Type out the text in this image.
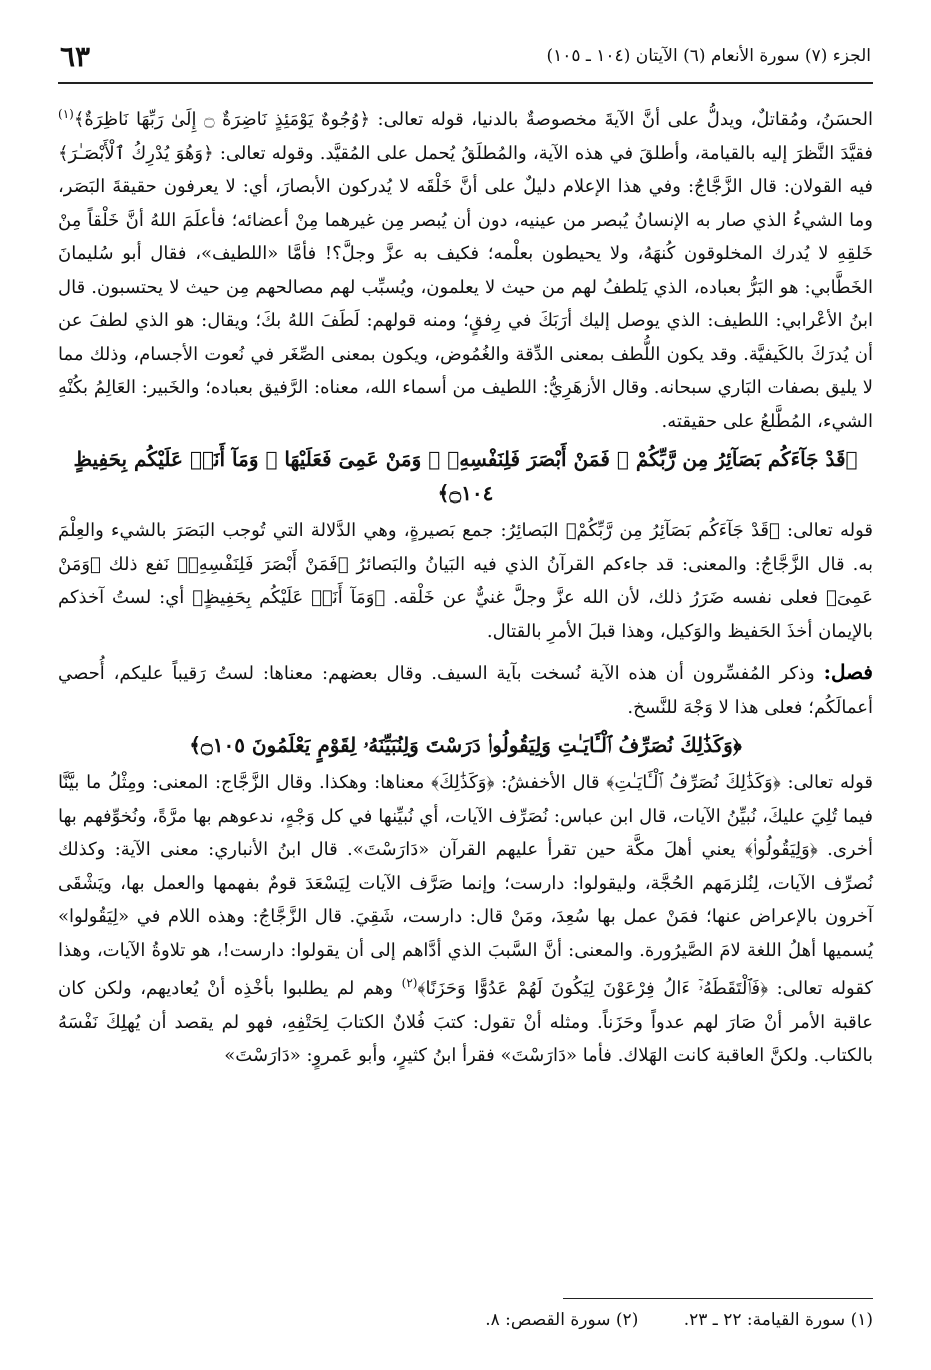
٦٣	الجزء (٧) سورة الأنعام (٦) الآيتان (١٠٤ ـ ١٠٥)

الحسَنُ، ومُقاتلٌ، ويدلُّ على أنَّ الآيةَ مخصوصةٌ بالدنيا، قوله تعالى: ﴿وُجُوهٌ يَوْمَئِذٍ نَاضِرَةٌ ۝ إِلَىٰ رَبِّهَا نَاظِرَةٌ﴾$^{(١)}$ فقيَّدَ النَّظرَ إليه بالقيامة، وأطلقَ في هذه الآية، والمُطلَقُ يُحمل على المُقيَّد. وقوله تعالى: ﴿وَهُوَ يُدْرِكُ ٱلْأَبْصَـٰرَ﴾ فيه القولان: قال الزَّجَّاجُ: وفي هذا الإعلام دليلٌ على أنَّ خَلْقَه لا يُدركون الأبصارَ، أي: لا يعرفون حقيقةَ البَصَر، وما الشيءُ الذي صار به الإنسانُ يُبصر من عينيه، دون أن يُبصر مِن غيرهما مِنْ أعضائه؛ فأعلَمَ اللهُ أنَّ خَلْقاً مِنْ خَلقِهِ لا يُدرك المخلوقون كُنهَهُ، ولا يحيطون بعلْمه؛ فكيف به عزَّ وجلَّ؟! فأمَّا «اللطيف»، فقال أبو سُليمانَ الخَطَّابي: هو البَرُّ بعباده، الذي يَلطفُ لهم من حيث لا يعلمون، ويُسبِّب لهم مصالحهم مِن حيث لا يحتسبون. قال ابنُ الأعْرابي: اللطيف: الذي يوصل إليك أرَبَكَ في رِفقٍ؛ ومنه قولهم: لَطَفَ اللهُ بكَ؛ ويقال: هو الذي لطفَ عن أن يُدرَكَ بالكَيفيَّة. وقد يكون اللُّطف بمعنى الدِّقة والغُمُوض، ويكون بمعنى الصِّغَر في نُعوت الأجسام، وذلك مما لا يليق بصفات البَاري سبحانه. وقال الأزهَرِيُّ: اللطيف من أسماء الله، معناه: الرَّفيق بعباده؛ والخَبير: العَالِمُ بكُنْهِ الشيء، المُطَّلعُ على حقيقته.

﴿قَدْ جَآءَكُم بَصَآئِرُ مِن رَّبِّكُمْ ۖ فَمَنْ أَبْصَرَ فَلِنَفْسِهِۦ ۖ وَمَنْ عَمِىَ فَعَلَيْهَا ۚ وَمَآ أَنَا۠ عَلَيْكُم بِحَفِيظٍ ۝١٠٤﴾

قوله تعالى: ﴿قَدْ جَآءَكُم بَصَآئِرُ مِن رَّبِّكُمْ﴾ البَصائِرُ: جمع بَصيرةٍ، وهي الدَّلالة التي تُوجب البَصَرَ بالشيء والعِلْمَ به. قال الزَّجَّاجُ: والمعنى: قد جاءكم القرآنُ الذي فيه البَيانُ والبَصائرُ ﴿فَمَنْ أَبْصَرَ فَلِنَفْسِهِۦ﴾ نَفع ذلك ﴿وَمَنْ عَمِىَ﴾ فعلى نفسه ضَرَرُ ذلك، لأن الله عزَّ وجلَّ غنيٌّ عن خَلْقه. ﴿وَمَآ أَنَا۠ عَلَيْكُم بِحَفِيظٍ﴾ أي: لستُ آخذكم بالإيمان أخذَ الحَفيظ والوَكيل، وهذا قبلَ الأمرِ بالقتال.

فصل: وذكر المُفسِّرون أن هذه الآية نُسخت بآية السيف. وقال بعضهم: معناها: لستُ رَقيباً عليكم، أُحصي أعمالَكُم؛ فعلى هذا لا وَجْهَ للنَّسخ.

﴿وَكَذَٰلِكَ نُصَرِّفُ ٱلْـَٔايَـٰتِ وَلِيَقُولُوا۟ دَرَسْتَ وَلِنُبَيِّنَهُۥ لِقَوْمٍ يَعْلَمُونَ ۝١٠٥﴾

قوله تعالى: ﴿وَكَذَٰلِكَ نُصَرِّفُ ٱلْـَٔايَـٰتِ﴾ قال الأخفشُ: ﴿وَكَذَٰلِكَ﴾ معناها: وهكذا. وقال الزَّجَّاج: المعنى: ومِثْلُ ما بيَّنَّا فيما تُلِيَ عليكَ، نُبيِّنُ الآيات، قال ابن عباس: نُصَرِّف الآيات، أي نُبيِّنها في كل وَجْهٍ، ندعوهم بها مرَّةً، ونُخوِّفهم بها أخرى. ﴿وَلِيَقُولُوا۟﴾ يعني أهلَ مكَّة حين تقرأ عليهم القرآن «دَارَسْتَ». قال ابنُ الأنباري: معنى الآية: وكذلك نُصرِّف الآيات، لِنُلزمَهم الحُجَّة، وليقولوا: دارست؛ وإنما صَرَّف الآيات لِيَسْعَدَ قومٌ بفهمها والعمل بها، ويَشْقَى آخرون بالإعراض عنها؛ فمَنْ عمل بها سُعِدَ، ومَنْ قال: دارست، شَقِيَ. قال الزَّجَّاجُ: وهذه اللام في «لِيَقُولوا» يُسميها أهلُ اللغة لامَ الصَّيرُورة. والمعنى: أنَّ السَّببَ الذي أدَّاهم إلى أن يقولوا: دارست!، هو تلاوةُ الآيات، وهذا كقوله تعالى: ﴿فَٱلْتَقَطَهُۥٓ ءَالُ فِرْعَوْنَ لِيَكُونَ لَهُمْ عَدُوًّا وَحَزَنًا﴾$^{(٢)}$ وهم لم يطلبوا بأخْذِه أنْ يُعاديهم، ولكن كان عاقبة الأمر أنْ صَارَ لهم عدواً وحَزَناً. ومثله أنْ تقول: كتبَ فُلانٌ الكتابَ لِحَتْفِهِ، فهو لم يقصد أن يُهلِكَ نَفْسَهُ بالكتاب. ولكنَّ العاقبة كانت الهَلاك. فأما «دَارَسْتَ» فقرأ ابنُ كثيرٍ، وأبو عَمروٍ: «دَارَسْتَ»

(١) سورة القيامة: ٢٢ ـ ٢٣. (٢) سورة القصص: ٨.
